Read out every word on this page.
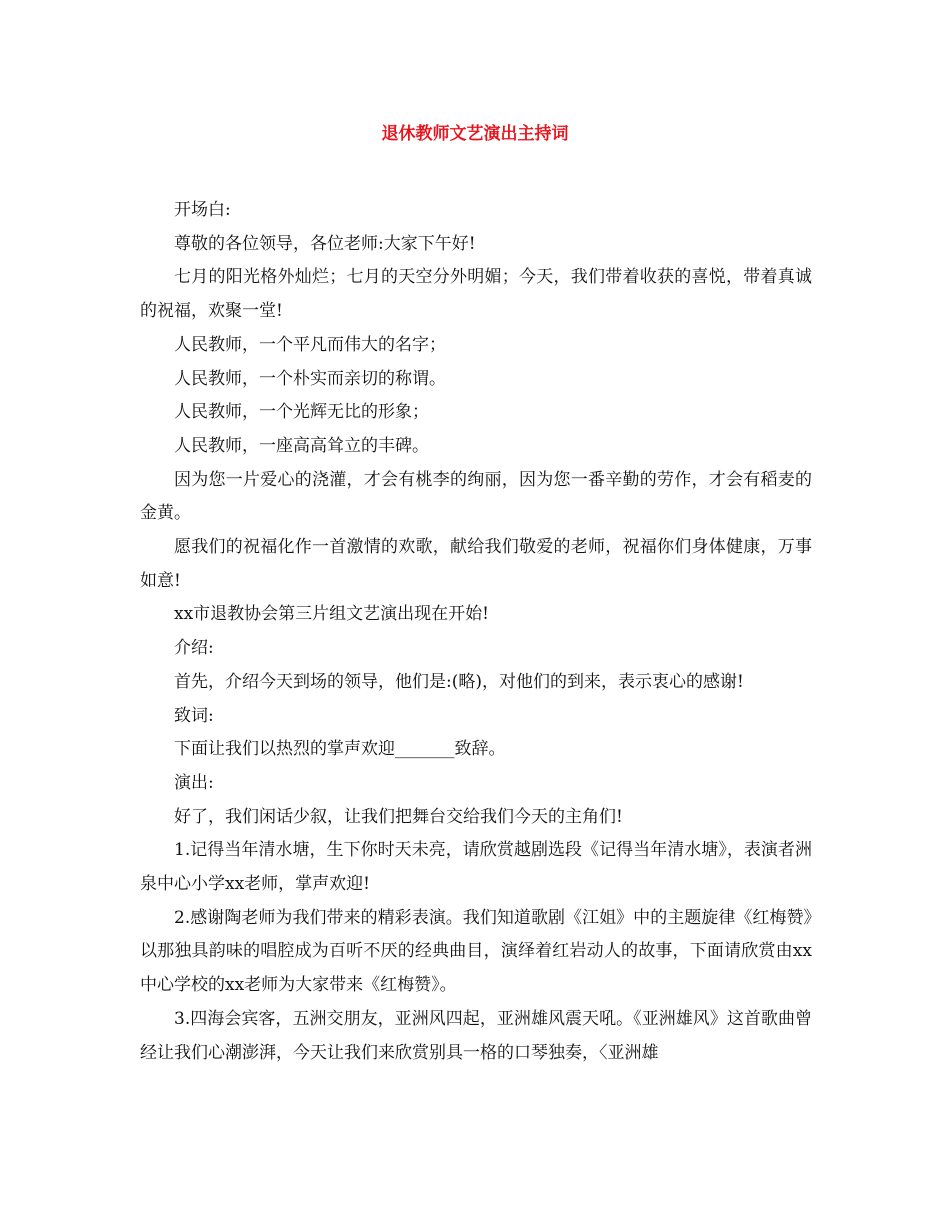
退休教师文艺演出主持词

开场白:

尊敬的各位领导，各位老师:大家下午好!

七月的阳光格外灿烂；七月的天空分外明媚；今天，我们带着收获的喜悦，带着真诚的祝福，欢聚一堂!

人民教师，一个平凡而伟大的名字；

人民教师，一个朴实而亲切的称谓。

人民教师，一个光辉无比的形象；

人民教师，一座高高耸立的丰碑。

因为您一片爱心的浇灌，才会有桃李的绚丽，因为您一番辛勤的劳作，才会有稻麦的金黄。

愿我们的祝福化作一首激情的欢歌，献给我们敬爱的老师，祝福你们身体健康，万事如意!

xx市退教协会第三片组文艺演出现在开始!

介绍:

首先，介绍今天到场的领导，他们是:(略)，对他们的到来，表示衷心的感谢!

致词:

下面让我们以热烈的掌声欢迎_______致辞。

演出:

好了，我们闲话少叙，让我们把舞台交给我们今天的主角们!

1.记得当年清水塘，生下你时天未亮，请欣赏越剧选段《记得当年清水塘》，表演者洲泉中心小学xx老师，掌声欢迎!

2.感谢陶老师为我们带来的精彩表演。我们知道歌剧《江姐》中的主题旋律《红梅赞》以那独具韵味的唱腔成为百听不厌的经典曲目，演绎着红岩动人的故事，下面请欣赏由xx中心学校的xx老师为大家带来《红梅赞》。

3.四海会宾客，五洲交朋友，亚洲风四起，亚洲雄风震天吼。《亚洲雄风》这首歌曲曾经让我们心潮澎湃，今天让我们来欣赏别具一格的口琴独奏，〈亚洲雄
